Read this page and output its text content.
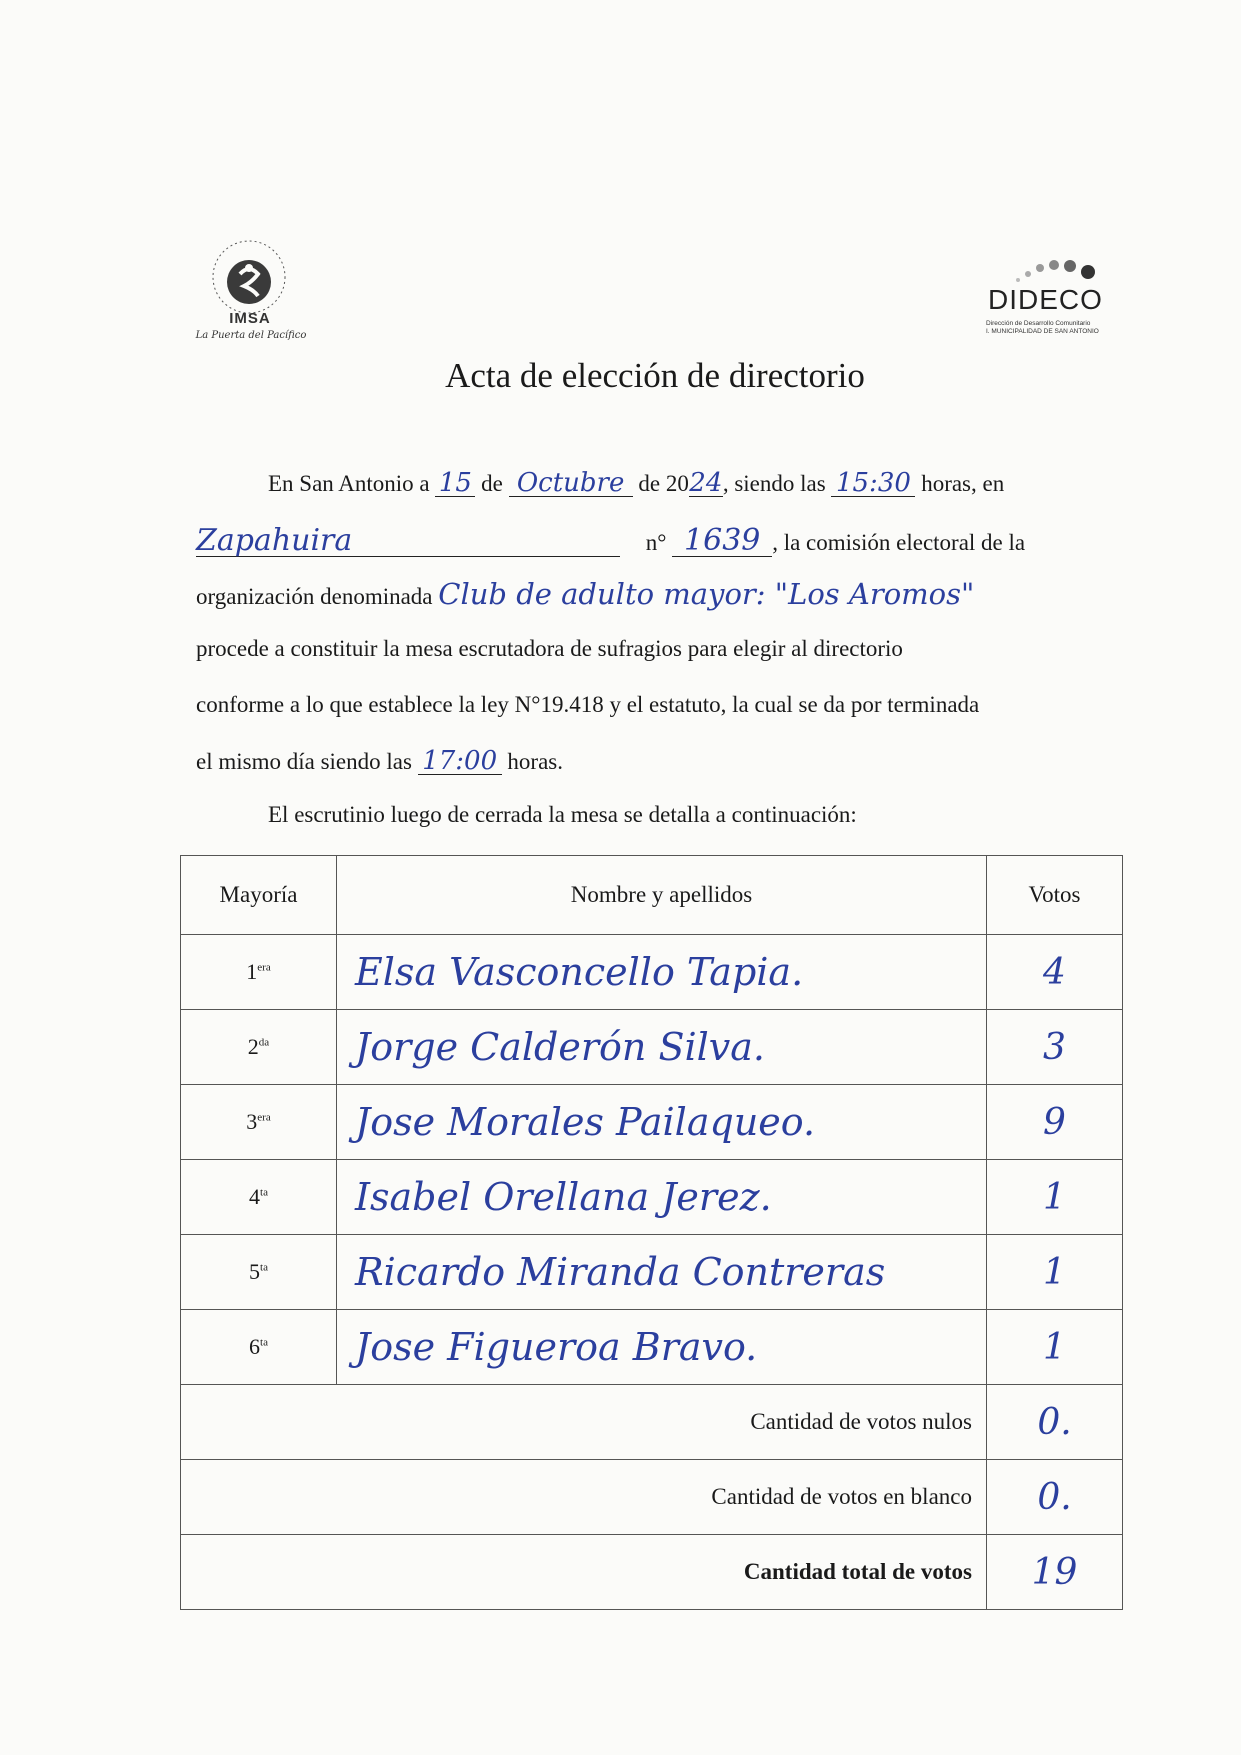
IMSA
La Puerta del Pacífico
DIDECO
Dirección de Desarrollo Comunitario
I. MUNICIPALIDAD DE SAN ANTONIO
Acta de elección de directorio
En San Antonio a 15 de Octubre de 2024, siendo las 15:30 horas, en
Zapahuira	n° 1639 , la comisión electoral de la
organización denominada Club de adulto mayor: "Los Aromos"
procede a constituir la mesa escrutadora de sufragios para elegir al directorio
conforme a lo que establece la ley N°19.418 y el estatuto, la cual se da por terminada
el mismo día siendo las 17:00 horas.
El escrutinio luego de cerrada la mesa se detalla a continuación:
Mayoría	Nombre y apellidos	Votos
$1^{era}$	Elsa Vasconcello Tapia.	4
$2^{da}$	Jorge Calderón Silva.	3
$3^{era}$	Jose Morales Pailaqueo.	9
$4^{ta}$	Isabel Orellana Jerez.	1
$5^{ta}$	Ricardo Miranda Contreras	1
$6^{ta}$	Jose Figueroa Bravo.	1
Cantidad de votos nulos		0.
Cantidad de votos en blanco		0.
Cantidad total de votos		19
